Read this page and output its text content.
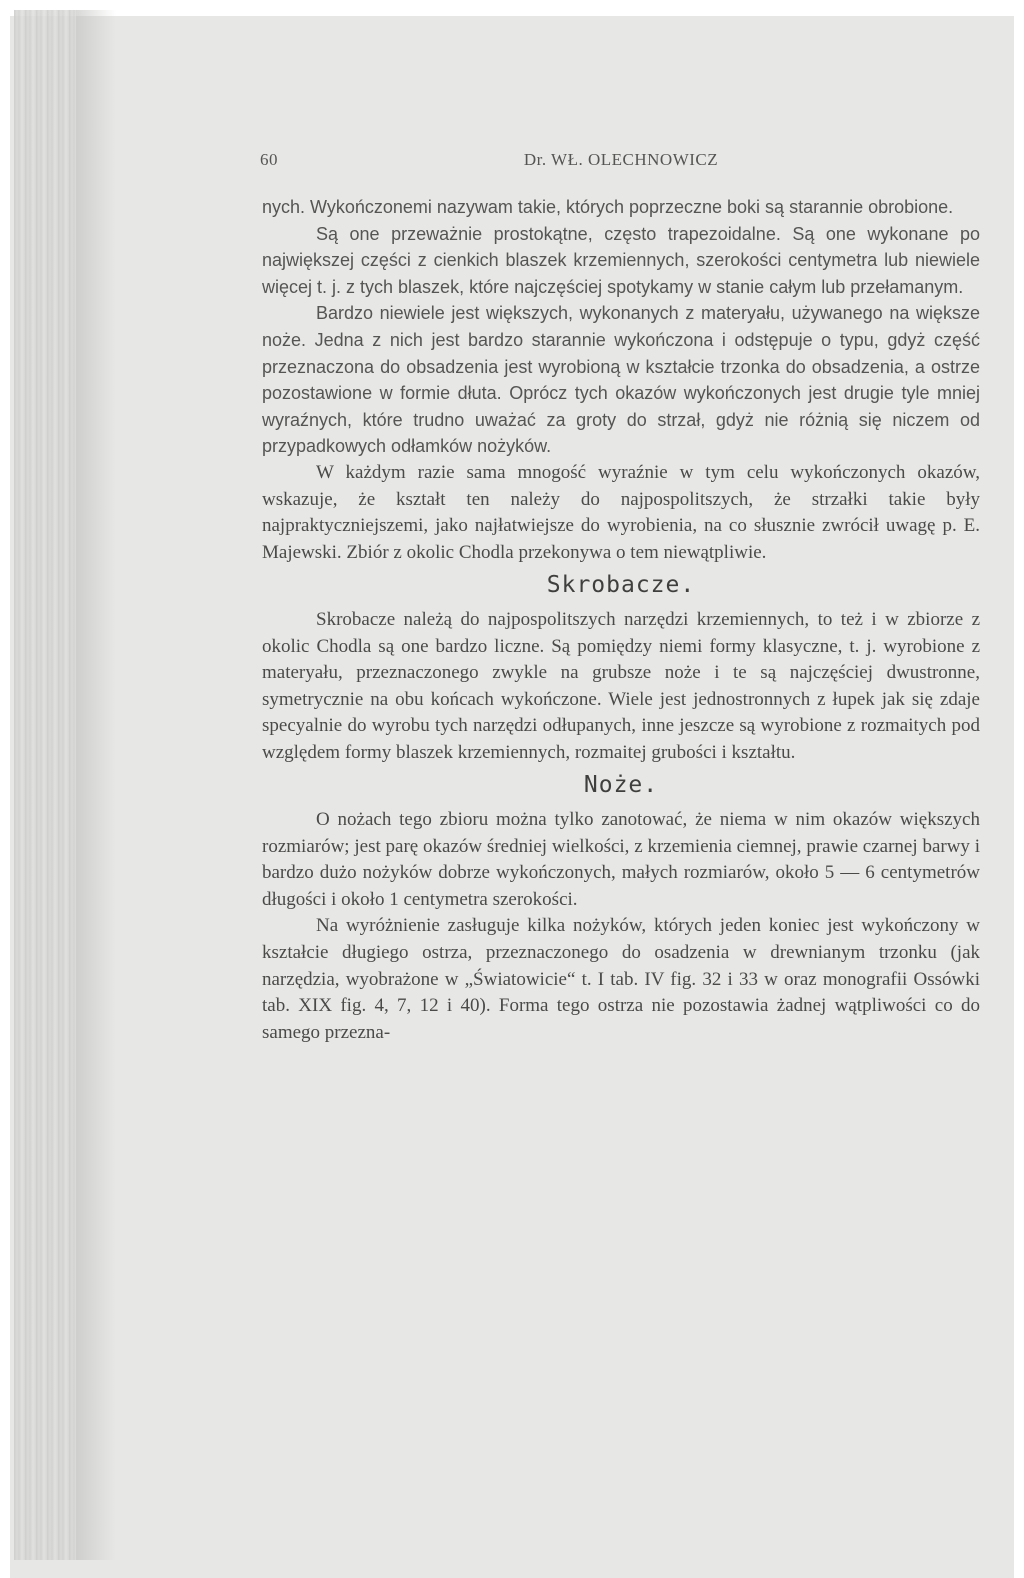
60	Dr. WŁ. OLECHNOWICZ

nych. Wykończonemi nazywam takie, których poprzeczne boki są starannie obrobione.

Są one przeważnie prostokątne, często trapezoidalne. Są one wykonane po największej części z cienkich blaszek krzemiennych, szerokości centymetra lub niewiele więcej t. j. z tych blaszek, które najczęściej spotykamy w stanie całym lub przełamanym.

Bardzo niewiele jest większych, wykonanych z materyału, używanego na większe noże. Jedna z nich jest bardzo starannie wykończona i odstępuje o typu, gdyż część przeznaczona do obsadzenia jest wyrobioną w kształcie trzonka do obsadzenia, a ostrze pozostawione w formie dłuta. Oprócz tych okazów wykończonych jest drugie tyle mniej wyraźnych, które trudno uważać za groty do strzał, gdyż nie różnią się niczem od przypadkowych odłamków nożyków.

W każdym razie sama mnogość wyraźnie w tym celu wykończonych okazów, wskazuje, że kształt ten należy do najpospolitszych, że strzałki takie były najpraktyczniejszemi, jako najłatwiejsze do wyrobienia, na co słusznie zwrócił uwagę p. E. Majewski. Zbiór z okolic Chodla przekonywa o tem niewątpliwie.

Skrobacze.

Skrobacze należą do najpospolitszych narzędzi krzemiennych, to też i w zbiorze z okolic Chodla są one bardzo liczne. Są pomiędzy niemi formy klasyczne, t. j. wyrobione z materyału, przeznaczonego zwykle na grubsze noże i te są najczęściej dwustronne, symetrycznie na obu końcach wykończone. Wiele jest jednostronnych z łupek jak się zdaje specyalnie do wyrobu tych narzędzi odłupanych, inne jeszcze są wyrobione z rozmaitych pod względem formy blaszek krzemiennych, rozmaitej grubości i kształtu.

Noże.

O nożach tego zbioru można tylko zanotować, że niema w nim okazów większych rozmiarów; jest parę okazów średniej wielkości, z krzemienia ciemnej, prawie czarnej barwy i bardzo dużo nożyków dobrze wykończonych, małych rozmiarów, około 5 — 6 centymetrów długości i około 1 centymetra szerokości.

Na wyróżnienie zasługuje kilka nożyków, których jeden koniec jest wykończony w kształcie długiego ostrza, przeznaczonego do osadzenia w drewnianym trzonku (jak narzędzia, wyobrażone w „Światowicie“ t. I tab. IV fig. 32 i 33 w oraz monografii Ossówki tab. XIX fig. 4, 7, 12 i 40). Forma tego ostrza nie pozostawia żadnej wątpliwości co do samego przezna-
